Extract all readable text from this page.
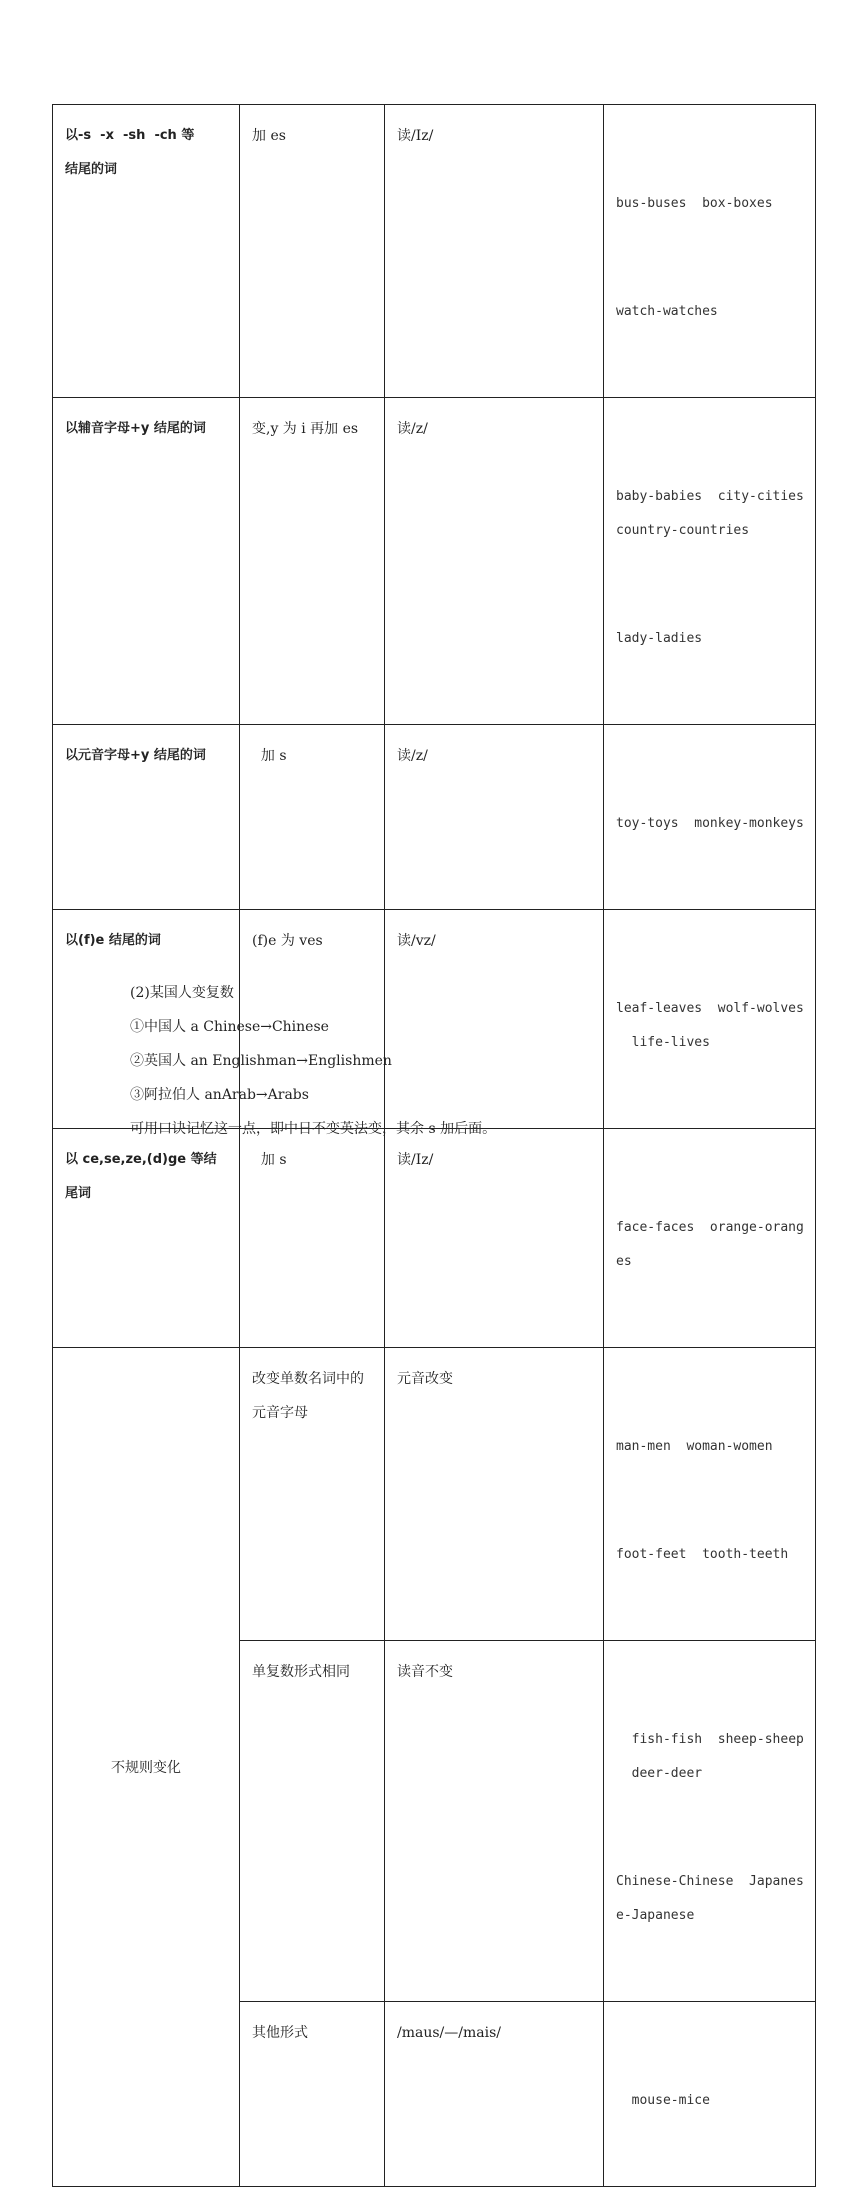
以-s  -x  -sh  -ch 等
结尾的词	加 es	读/Iz/	bus-buses  box-boxes

watch-watches

以辅音字母+y 结尾的词	变,y 为 i 再加 es	读/z/	baby-babies  city-cities
country-countries

lady-ladies

以元音字母+y 结尾的词	加 s	读/z/	toy-toys  monkey-monkeys

以(f)e 结尾的词	(f)e 为 ves	读/vz/	leaf-leaves  wolf-wolves
life-lives

以 ce,se,ze,(d)ge 等结
尾词	加 s	读/Iz/	face-faces  orange-orang
es

不规则变化	改变单数名词中的
元音字母	元音改变	man-men  woman-women

foot-feet  tooth-teeth

	单复数形式相同	读音不变	fish-fish  sheep-sheep
deer-deer

Chinese-Chinese  Japanes
e-Japanese

	其他形式	/maus/—/mais/	mouse-mice

(2)某国人变复数

①中国人 a Chinese→Chinese

②英国人 an Englishman→Englishmen

③阿拉伯人 anArab→Arabs

可用口诀记忆这一点，即中日不变英法变，其余 s 加后面。
